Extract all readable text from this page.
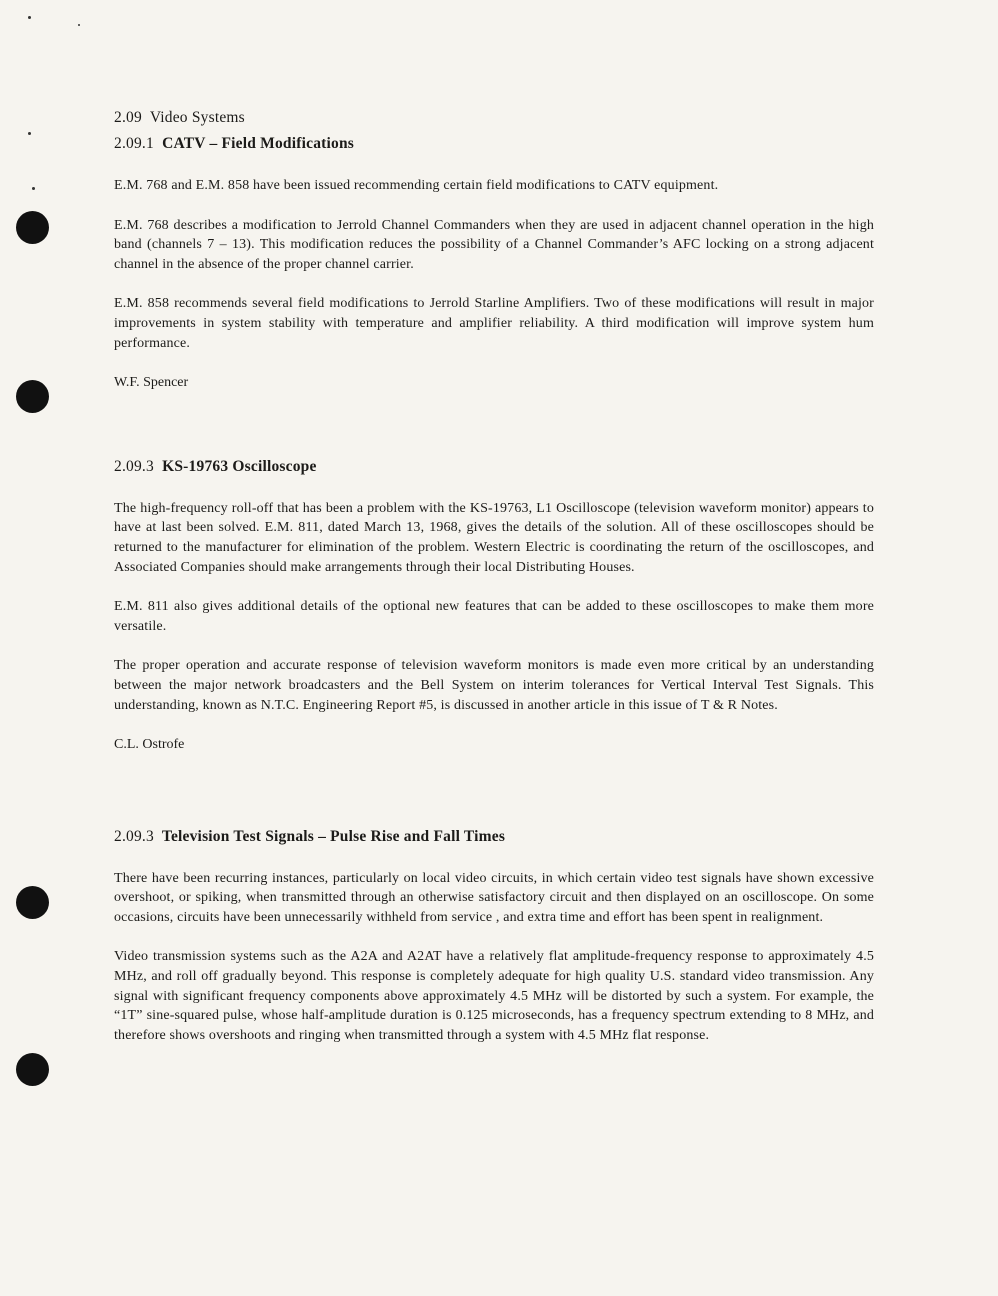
2.09 Video Systems
2.09.1 CATV – Field Modifications

E.M. 768 and E.M. 858 have been issued recommending certain field modifications to CATV equipment.

E.M. 768 describes a modification to Jerrold Channel Commanders when they are used in adjacent channel operation in the high band (channels 7 – 13). This modification reduces the possibility of a Channel Commander’s AFC locking on a strong adjacent channel in the absence of the proper channel carrier.

E.M. 858 recommends several field modifications to Jerrold Starline Amplifiers. Two of these modifications will result in major improvements in system stability with temperature and amplifier reliability. A third modification will improve system hum performance.

W.F. Spencer
2.09.3 KS-19763 Oscilloscope

The high-frequency roll-off that has been a problem with the KS-19763, L1 Oscilloscope (television waveform monitor) appears to have at last been solved. E.M. 811, dated March 13, 1968, gives the details of the solution. All of these oscilloscopes should be returned to the manufacturer for elimination of the problem. Western Electric is coordinating the return of the oscilloscopes, and Associated Companies should make arrangements through their local Distributing Houses.

E.M. 811 also gives additional details of the optional new features that can be added to these oscilloscopes to make them more versatile.

The proper operation and accurate response of television waveform monitors is made even more critical by an understanding between the major network broadcasters and the Bell System on interim tolerances for Vertical Interval Test Signals. This understanding, known as N.T.C. Engineering Report #5, is discussed in another article in this issue of T & R Notes.

C.L. Ostrofe
2.09.3 Television Test Signals – Pulse Rise and Fall Times

There have been recurring instances, particularly on local video circuits, in which certain video test signals have shown excessive overshoot, or spiking, when transmitted through an otherwise satisfactory circuit and then displayed on an oscilloscope. On some occasions, circuits have been unnecessarily withheld from service , and extra time and effort has been spent in realignment.

Video transmission systems such as the A2A and A2AT have a relatively flat amplitude-frequency response to approximately 4.5 MHz, and roll off gradually beyond. This response is completely adequate for high quality U.S. standard video transmission. Any signal with significant frequency components above approximately 4.5 MHz will be distorted by such a system. For example, the “1T” sine-squared pulse, whose half-amplitude duration is 0.125 microseconds, has a frequency spectrum extending to 8 MHz, and therefore shows overshoots and ringing when transmitted through a system with 4.5 MHz flat response.
